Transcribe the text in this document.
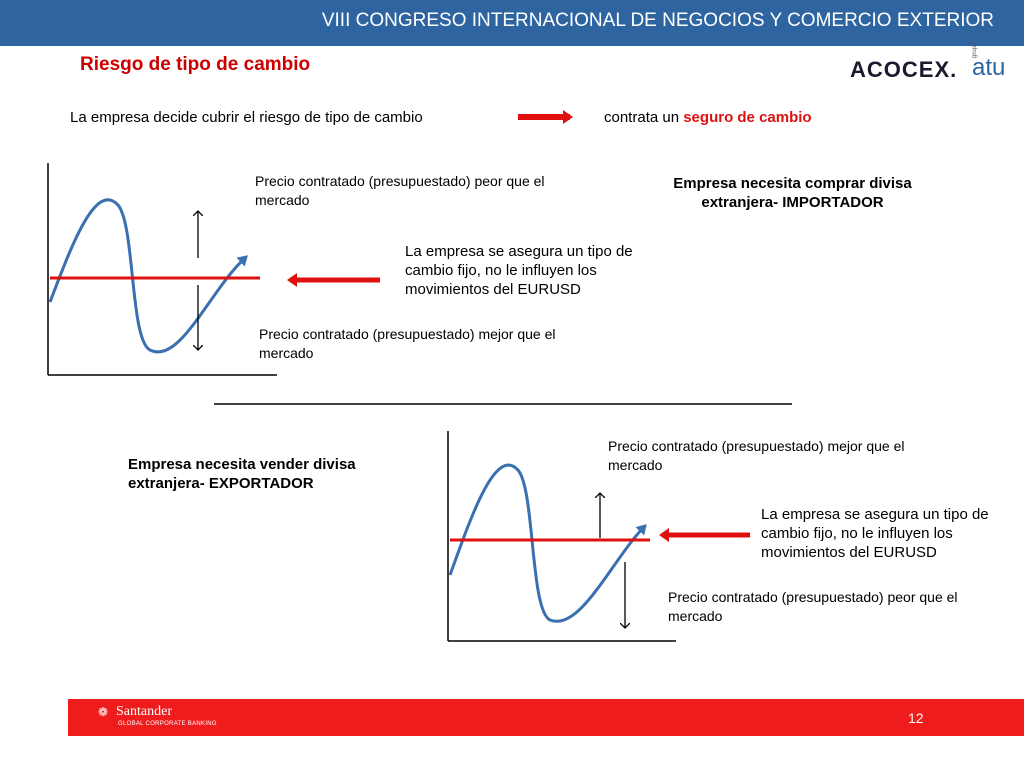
VIII CONGRESO INTERNACIONAL DE NEGOCIOS Y COMERCIO EXTERIOR
Riesgo de tipo de cambio	ACOCEX.
grupo
atu
La empresa decide cubrir el riesgo de tipo de cambio	contrata un seguro de cambio
Precio contratado (presupuestado) peor que el mercado
Empresa necesita comprar divisa extranjera- IMPORTADOR
La empresa se asegura un tipo de cambio fijo, no le influyen los movimientos del EURUSD
Precio contratado (presupuestado) mejor que el mercado
Empresa necesita vender divisa extranjera- EXPORTADOR
Precio contratado (presupuestado) mejor que el mercado
La empresa se asegura un tipo de cambio fijo, no le influyen los movimientos del EURUSD
Precio contratado (presupuestado) peor que el mercado
❁ Santander
GLOBAL CORPORATE BANKING	12
